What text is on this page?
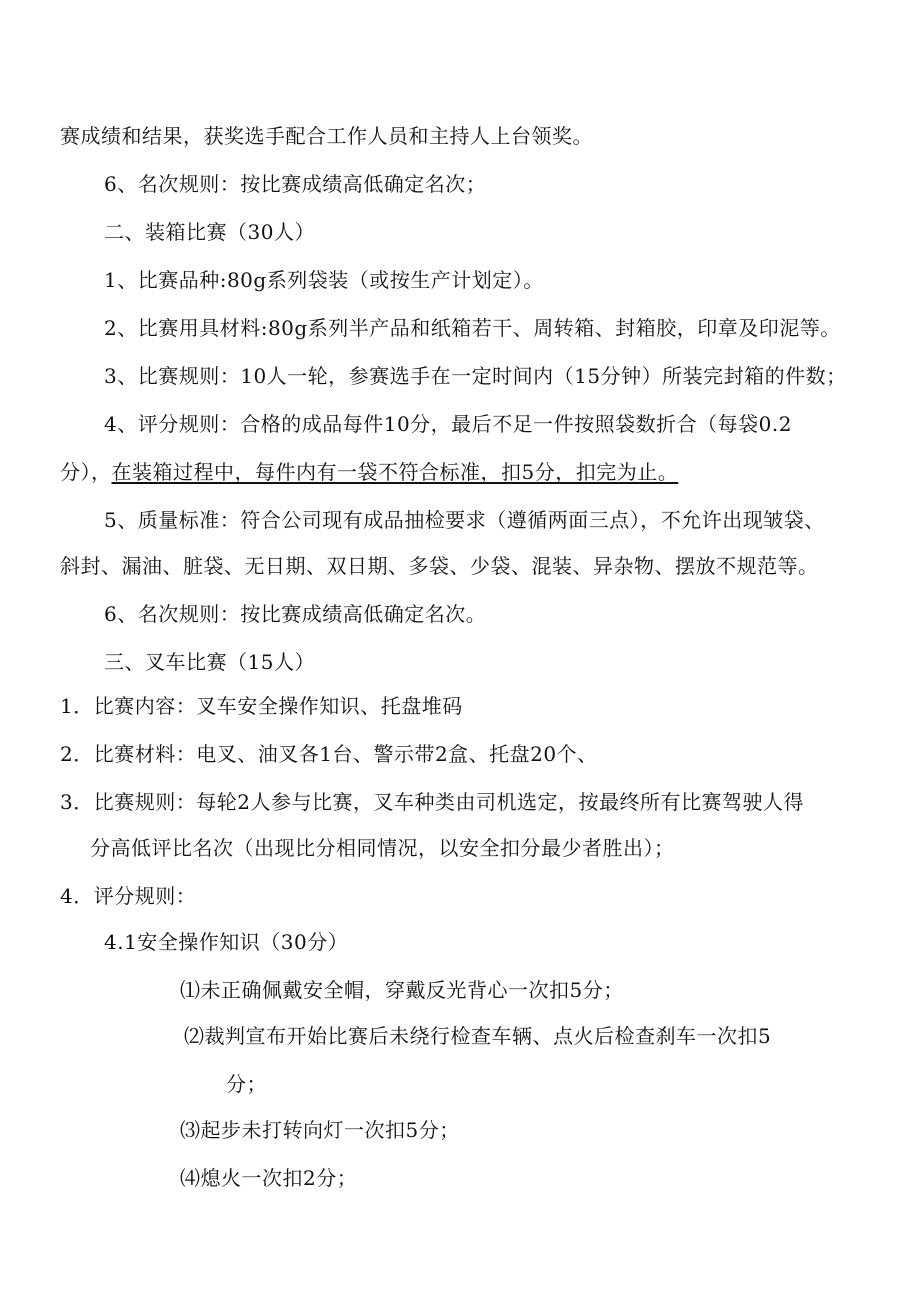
赛成绩和结果，获奖选手配合工作人员和主持人上台领奖。
6、名次规则：按比赛成绩高低确定名次；
二、装箱比赛（30人）
1、比赛品种:80g系列袋装（或按生产计划定）。
2、比赛用具材料:80g系列半产品和纸箱若干、周转箱、封箱胶，印章及印泥等。
3、比赛规则：10人一轮，参赛选手在一定时间内（15分钟）所装完封箱的件数；
4、评分规则：合格的成品每件10分，最后不足一件按照袋数折合（每袋0.2
分），在装箱过程中，每件内有一袋不符合标准，扣5分，扣完为止。
5、质量标准：符合公司现有成品抽检要求（遵循两面三点），不允许出现皱袋、
斜封、漏油、脏袋、无日期、双日期、多袋、少袋、混装、异杂物、摆放不规范等。
6、名次规则：按比赛成绩高低确定名次。
三、叉车比赛（15人）
1．比赛内容：叉车安全操作知识、托盘堆码
2．比赛材料：电叉、油叉各1台、警示带2盒、托盘20个、
3．比赛规则：每轮2人参与比赛，叉车种类由司机选定，按最终所有比赛驾驶人得
分高低评比名次（出现比分相同情况，以安全扣分最少者胜出）；
4．评分规则：
4.1安全操作知识（30分）
⑴未正确佩戴安全帽，穿戴反光背心一次扣5分；
⑵裁判宣布开始比赛后未绕行检查车辆、点火后检查刹车一次扣5
分；
⑶起步未打转向灯一次扣5分；
⑷熄火一次扣2分；
